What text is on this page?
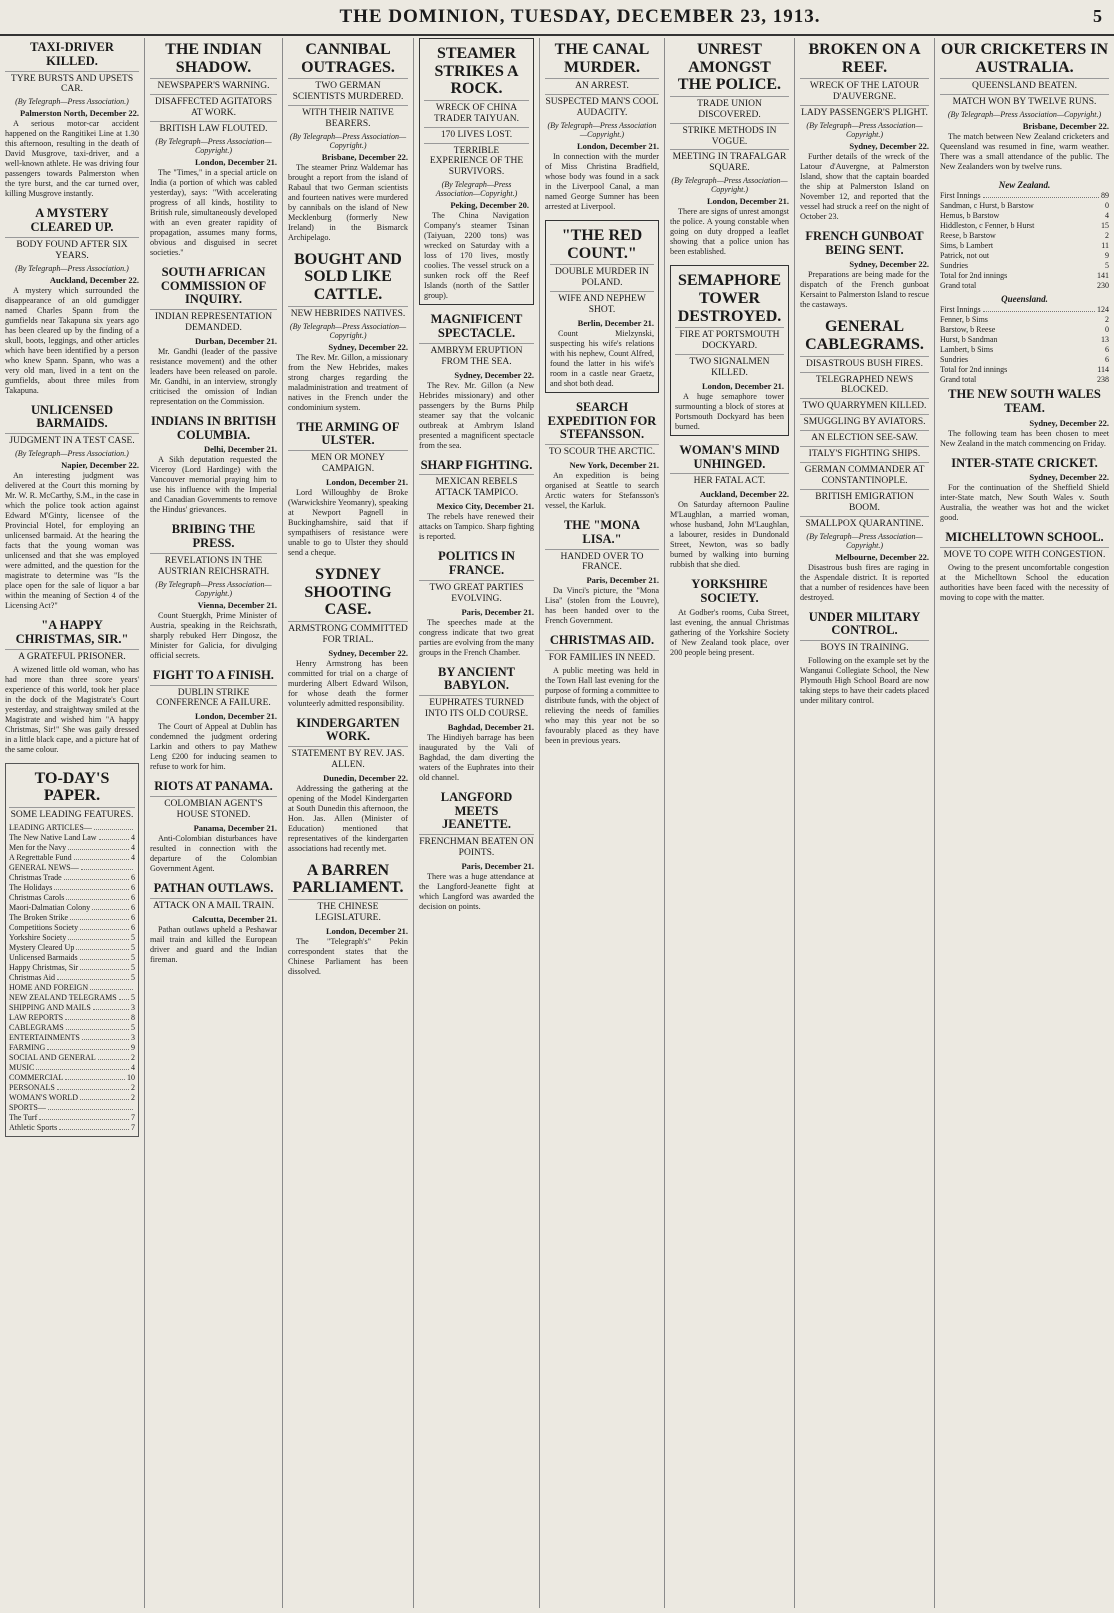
THE DOMINION, TUESDAY, DECEMBER 23, 1913.	5
TAXI-DRIVER KILLED.
TYRE BURSTS AND UPSETS CAR.
(By Telegraph—Press Association.)
Palmerston North, December 22.

A serious motor-car accident happened on the Rangitikei Line at 1.30 this afternoon, resulting in the death of David Musgrove, taxi-driver, and a well-known athlete. He was driving four passengers towards Palmerston when the tyre burst, and the car turned over, killing Musgrove instantly.

A MYSTERY CLEARED UP.
BODY FOUND AFTER SIX YEARS.
(By Telegraph—Press Association.)
Auckland, December 22.

A mystery which surrounded the disappearance of an old gumdigger named Charles Spann from the gumfields near Takapuna six years ago has been cleared up by the finding of a skull, boots, leggings, and other articles which have been identified by a person who knew Spann. Spann, who was a very old man, lived in a tent on the gumfields, about three miles from Takapuna.

UNLICENSED BARMAIDS.
JUDGMENT IN A TEST CASE.
(By Telegraph—Press Association.)
Napier, December 22.

An interesting judgment was delivered at the Court this morning by Mr. W. R. McCarthy, S.M., in the case in which the police took action against Edward M'Ginty, licensee of the Provincial Hotel, for employing an unlicensed barmaid. At the hearing the facts that the young woman was unlicensed and that she was employed were admitted, and the question for the magistrate to determine was "Is the place open for the sale of liquor a bar within the meaning of Section 4 of the Licensing Act?"

"A HAPPY CHRISTMAS, SIR."
A GRATEFUL PRISONER.

A wizened little old woman, who has had more than three score years' experience of this world, took her place in the dock of the Magistrate's Court yesterday, and straightway smiled at the Magistrate and wished him "A happy Christmas, Sir!" She was gaily dressed in a little black cape, and a picture hat of the same colour.

TO-DAY'S PAPER.
SOME LEADING FEATURES.
LEADING ARTICLES—
The New Native Land Law	4
Men for the Navy	4
A Regrettable Fund	4
GENERAL NEWS—
Christmas Trade	6
The Holidays	6
Christmas Carols	6
Maori-Dalmatian Colony	6
The Broken Strike	6
Competitions Society	6
Yorkshire Society	5
Mystery Cleared Up	5
Unlicensed Barmaids	5
Happy Christmas, Sir	5
Christmas Aid	5
HOME AND FOREIGN
NEW ZEALAND TELEGRAMS 5
SHIPPING AND MAILS	3
LAW REPORTS	8
CABLEGRAMS	5
ENTERTAINMENTS	3
FARMING	9
SOCIAL AND GENERAL	2
MUSIC	4
COMMERCIAL	10
PERSONALS	2
WOMAN'S WORLD	2
SPORTS—
The Turf	7
Athletic Sports	7
THE INDIAN SHADOW.
NEWSPAPER'S WARNING.
DISAFFECTED AGITATORS AT WORK.
BRITISH LAW FLOUTED.
(By Telegraph—Press Association—Copyright.)
London, December 21.

The "Times," in a special article on India (a portion of which was cabled yesterday), says: "With accelerating progress of all kinds, hostility to British rule, simultaneously developed with an even greater rapidity of propagation, assumes many forms, obvious and disguised in secret societies."

SOUTH AFRICAN COMMISSION OF INQUIRY.
INDIAN REPRESENTATION DEMANDED.
Durban, December 21.

Mr. Gandhi (leader of the passive resistance movement) and the other leaders have been released on parole. Mr. Gandhi, in an interview, strongly criticised the omission of Indian representation on the Commission.

INDIANS IN BRITISH COLUMBIA.
Delhi, December 21.

A Sikh deputation requested the Viceroy (Lord Hardinge) with the Vancouver memorial praying him to use his influence with the Imperial and Canadian Governments to remove the Hindus' grievances.

BRIBING THE PRESS.
REVELATIONS IN THE AUSTRIAN REICHSRATH.
(By Telegraph—Press Association—Copyright.)
Vienna, December 21.

Count Stuergkh, Prime Minister of Austria, speaking in the Reichsrath, sharply rebuked Herr Dingosz, the Minister for Galicia, for divulging official secrets.

FIGHT TO A FINISH.
DUBLIN STRIKE CONFERENCE A FAILURE.
London, December 21.

The Court of Appeal at Dublin has condemned the judgment ordering Larkin and others to pay Mathew Leng £200 for inducing seamen to refuse to work for him.

RIOTS AT PANAMA.
COLOMBIAN AGENT'S HOUSE STONED.
Panama, December 21.

Anti-Colombian disturbances have resulted in connection with the departure of the Colombian Government Agent.

PATHAN OUTLAWS.
ATTACK ON A MAIL TRAIN.
Calcutta, December 21.

Pathan outlaws upheld a Peshawar mail train and killed the European driver and guard and the Indian fireman.

CANNIBAL OUTRAGES.
TWO GERMAN SCIENTISTS MURDERED.
WITH THEIR NATIVE BEARERS.
(By Telegraph—Press Association—Copyright.)
Brisbane, December 22.

The steamer Prinz Waldemar has brought a report from the island of Rabaul that two German scientists and fourteen natives were murdered by cannibals on the island of New Mecklenburg (formerly New Ireland) in the Bismarck Archipelago.

BOUGHT AND SOLD LIKE CATTLE.
NEW HEBRIDES NATIVES.
(By Telegraph—Press Association—Copyright.)
Sydney, December 22.

The Rev. Mr. Gillon, a missionary from the New Hebrides, makes strong charges regarding the maladministration and treatment of natives in the French under the condominium system.

THE ARMING OF ULSTER.
MEN OR MONEY CAMPAIGN.
London, December 21.

Lord Willoughby de Broke (Warwickshire Yeomanry), speaking at Newport Pagnell in Buckinghamshire, said that if sympathisers of resistance were unable to go to Ulster they should send a cheque.

SYDNEY SHOOTING CASE.
ARMSTRONG COMMITTED FOR TRIAL.
Sydney, December 22.

Henry Armstrong has been committed for trial on a charge of murdering Albert Edward Wilson, for whose death the former volunteerly admitted responsibility.

KINDERGARTEN WORK.
STATEMENT BY REV. JAS. ALLEN.
Dunedin, December 22.

Addressing the gathering at the opening of the Model Kindergarten at South Dunedin this afternoon, the Hon. Jas. Allen (Minister of Education) mentioned that representatives of the kindergarten associations had recently met.

A BARREN PARLIAMENT.
THE CHINESE LEGISLATURE.
London, December 21.

The "Telegraph's" Pekin correspondent states that the Chinese Parliament has been dissolved.

STEAMER STRIKES A ROCK.
WRECK OF CHINA TRADER TAIYUAN.
170 LIVES LOST.
TERRIBLE EXPERIENCE OF THE SURVIVORS.
(By Telegraph—Press Association—Copyright.)
Peking, December 20.

The China Navigation Company's steamer Tsinan (Taiyuan, 2200 tons) was wrecked on Saturday with a loss of 170 lives, mostly coolies. The vessel struck on a sunken rock off the Reef Islands (north of the Sattler group).

MAGNIFICENT SPECTACLE.
AMBRYM ERUPTION FROM THE SEA.
Sydney, December 22.

The Rev. Mr. Gillon (a New Hebrides missionary) and other passengers by the Burns Philp steamer say that the volcanic outbreak at Ambrym Island presented a magnificent spectacle from the sea.

SHARP FIGHTING.
MEXICAN REBELS ATTACK TAMPICO.
Mexico City, December 21.

The rebels have renewed their attacks on Tampico. Sharp fighting is reported.

POLITICS IN FRANCE.
TWO GREAT PARTIES EVOLVING.
Paris, December 21.

The speeches made at the congress indicate that two great parties are evolving from the many groups in the French Chamber.

BY ANCIENT BABYLON.
EUPHRATES TURNED INTO ITS OLD COURSE.
Baghdad, December 21.

The Hindiyeh barrage has been inaugurated by the Vali of Baghdad, the dam diverting the waters of the Euphrates into their old channel.

LANGFORD MEETS JEANETTE.
FRENCHMAN BEATEN ON POINTS.
Paris, December 21.

There was a huge attendance at the Langford-Jeanette fight at which Langford was awarded the decision on points.

THE CANAL MURDER.
AN ARREST.
SUSPECTED MAN'S COOL AUDACITY.
(By Telegraph—Press Association—Copyright.)
London, December 21.

In connection with the murder of Miss Christina Bradfield, whose body was found in a sack in the Liverpool Canal, a man named George Sumner has been arrested at Liverpool.

"THE RED COUNT."
DOUBLE MURDER IN POLAND.
WIFE AND NEPHEW SHOT.
Berlin, December 21.

Count Mielzynski, suspecting his wife's relations with his nephew, Count Alfred, found the latter in his wife's room in a castle near Graetz, and shot both dead.

SEARCH EXPEDITION FOR STEFANSSON.
TO SCOUR THE ARCTIC.
New York, December 21.

An expedition is being organised at Seattle to search Arctic waters for Stefansson's vessel, the Karluk.

THE "MONA LISA."
HANDED OVER TO FRANCE.
Paris, December 21.

Da Vinci's picture, the "Mona Lisa" (stolen from the Louvre), has been handed over to the French Government.

CHRISTMAS AID.
FOR FAMILIES IN NEED.

A public meeting was held in the Town Hall last evening for the purpose of forming a committee to distribute funds, with the object of relieving the needs of families who may this year not be so favourably placed as they have been in previous years.

UNREST AMONGST THE POLICE.
TRADE UNION DISCOVERED.
STRIKE METHODS IN VOGUE.
MEETING IN TRAFALGAR SQUARE.
(By Telegraph—Press Association—Copyright.)
London, December 21.

There are signs of unrest amongst the police. A young constable when going on duty dropped a leaflet showing that a police union has been established.

SEMAPHORE TOWER DESTROYED.
FIRE AT PORTSMOUTH DOCKYARD.
TWO SIGNALMEN KILLED.
London, December 21.

A huge semaphore tower surmounting a block of stores at Portsmouth Dockyard has been burned.

WOMAN'S MIND UNHINGED.
HER FATAL ACT.
Auckland, December 22.

On Saturday afternoon Pauline M'Laughlan, a married woman, whose husband, John M'Laughlan, a labourer, resides in Dundonald Street, Newton, was so badly burned by walking into burning rubbish that she died.

YORKSHIRE SOCIETY.

At Godber's rooms, Cuba Street, last evening, the annual Christmas gathering of the Yorkshire Society of New Zealand took place, over 200 people being present.

BROKEN ON A REEF.
WRECK OF THE LATOUR D'AUVERGNE.
LADY PASSENGER'S PLIGHT.
(By Telegraph—Press Association—Copyright.)
Sydney, December 22.

Further details of the wreck of the Latour d'Auvergne, at Palmerston Island, show that the captain boarded the ship at Palmerston Island on November 12, and reported that the vessel had struck a reef on the night of October 23.

FRENCH GUNBOAT BEING SENT.
Sydney, December 22.

Preparations are being made for the dispatch of the French gunboat Kersaint to Palmerston Island to rescue the castaways.

GENERAL CABLEGRAMS.
DISASTROUS BUSH FIRES.
TELEGRAPHED NEWS BLOCKED.
TWO QUARRYMEN KILLED.
SMUGGLING BY AVIATORS.
AN ELECTION SEE-SAW.
ITALY'S FIGHTING SHIPS.
GERMAN COMMANDER AT CONSTANTINOPLE.
BRITISH EMIGRATION BOOM.
SMALLPOX QUARANTINE.
(By Telegraph—Press Association—Copyright.)
Melbourne, December 22.

Disastrous bush fires are raging in the Aspendale district. It is reported that a number of residences have been destroyed.

UNDER MILITARY CONTROL.
BOYS IN TRAINING.

Following on the example set by the Wanganui Collegiate School, the New Plymouth High School Board are now taking steps to have their cadets placed under military control.

OUR CRICKETERS IN AUSTRALIA.
QUEENSLAND BEATEN.
MATCH WON BY TWELVE RUNS.
(By Telegraph—Press Association—Copyright.)
Brisbane, December 22.

The match between New Zealand cricketers and Queensland was resumed in fine, warm weather. There was a small attendance of the public. The New Zealanders won by twelve runs.

New Zealand.
First Innings	89
Sandman, c Hurst, b Barstow	0
Hemus, b Barstow	4
Hiddleston, c Fenner, b Hurst	15
Reese, b Barstow	2
Sims, b Lambert	11
Patrick, not out	9
Sundries	5
Total for 2nd innings	141
Grand total	230
Queensland.
First Innings	124
Fenner, b Sims	2
Barstow, b Reese	0
Hurst, b Sandman	13
Lambert, b Sims	6
Sundries	6
Total for 2nd innings	114
Grand total	238
THE NEW SOUTH WALES TEAM.
Sydney, December 22.

The following team has been chosen to meet New Zealand in the match commencing on Friday.

INTER-STATE CRICKET.
Sydney, December 22.

For the continuation of the Sheffield Shield inter-State match, New South Wales v. South Australia, the weather was hot and the wicket good.

MICHELLTOWN SCHOOL.
MOVE TO COPE WITH CONGESTION.

Owing to the present uncomfortable congestion at the Michelltown School the education authorities have been faced with the necessity of moving to cope with the matter.
